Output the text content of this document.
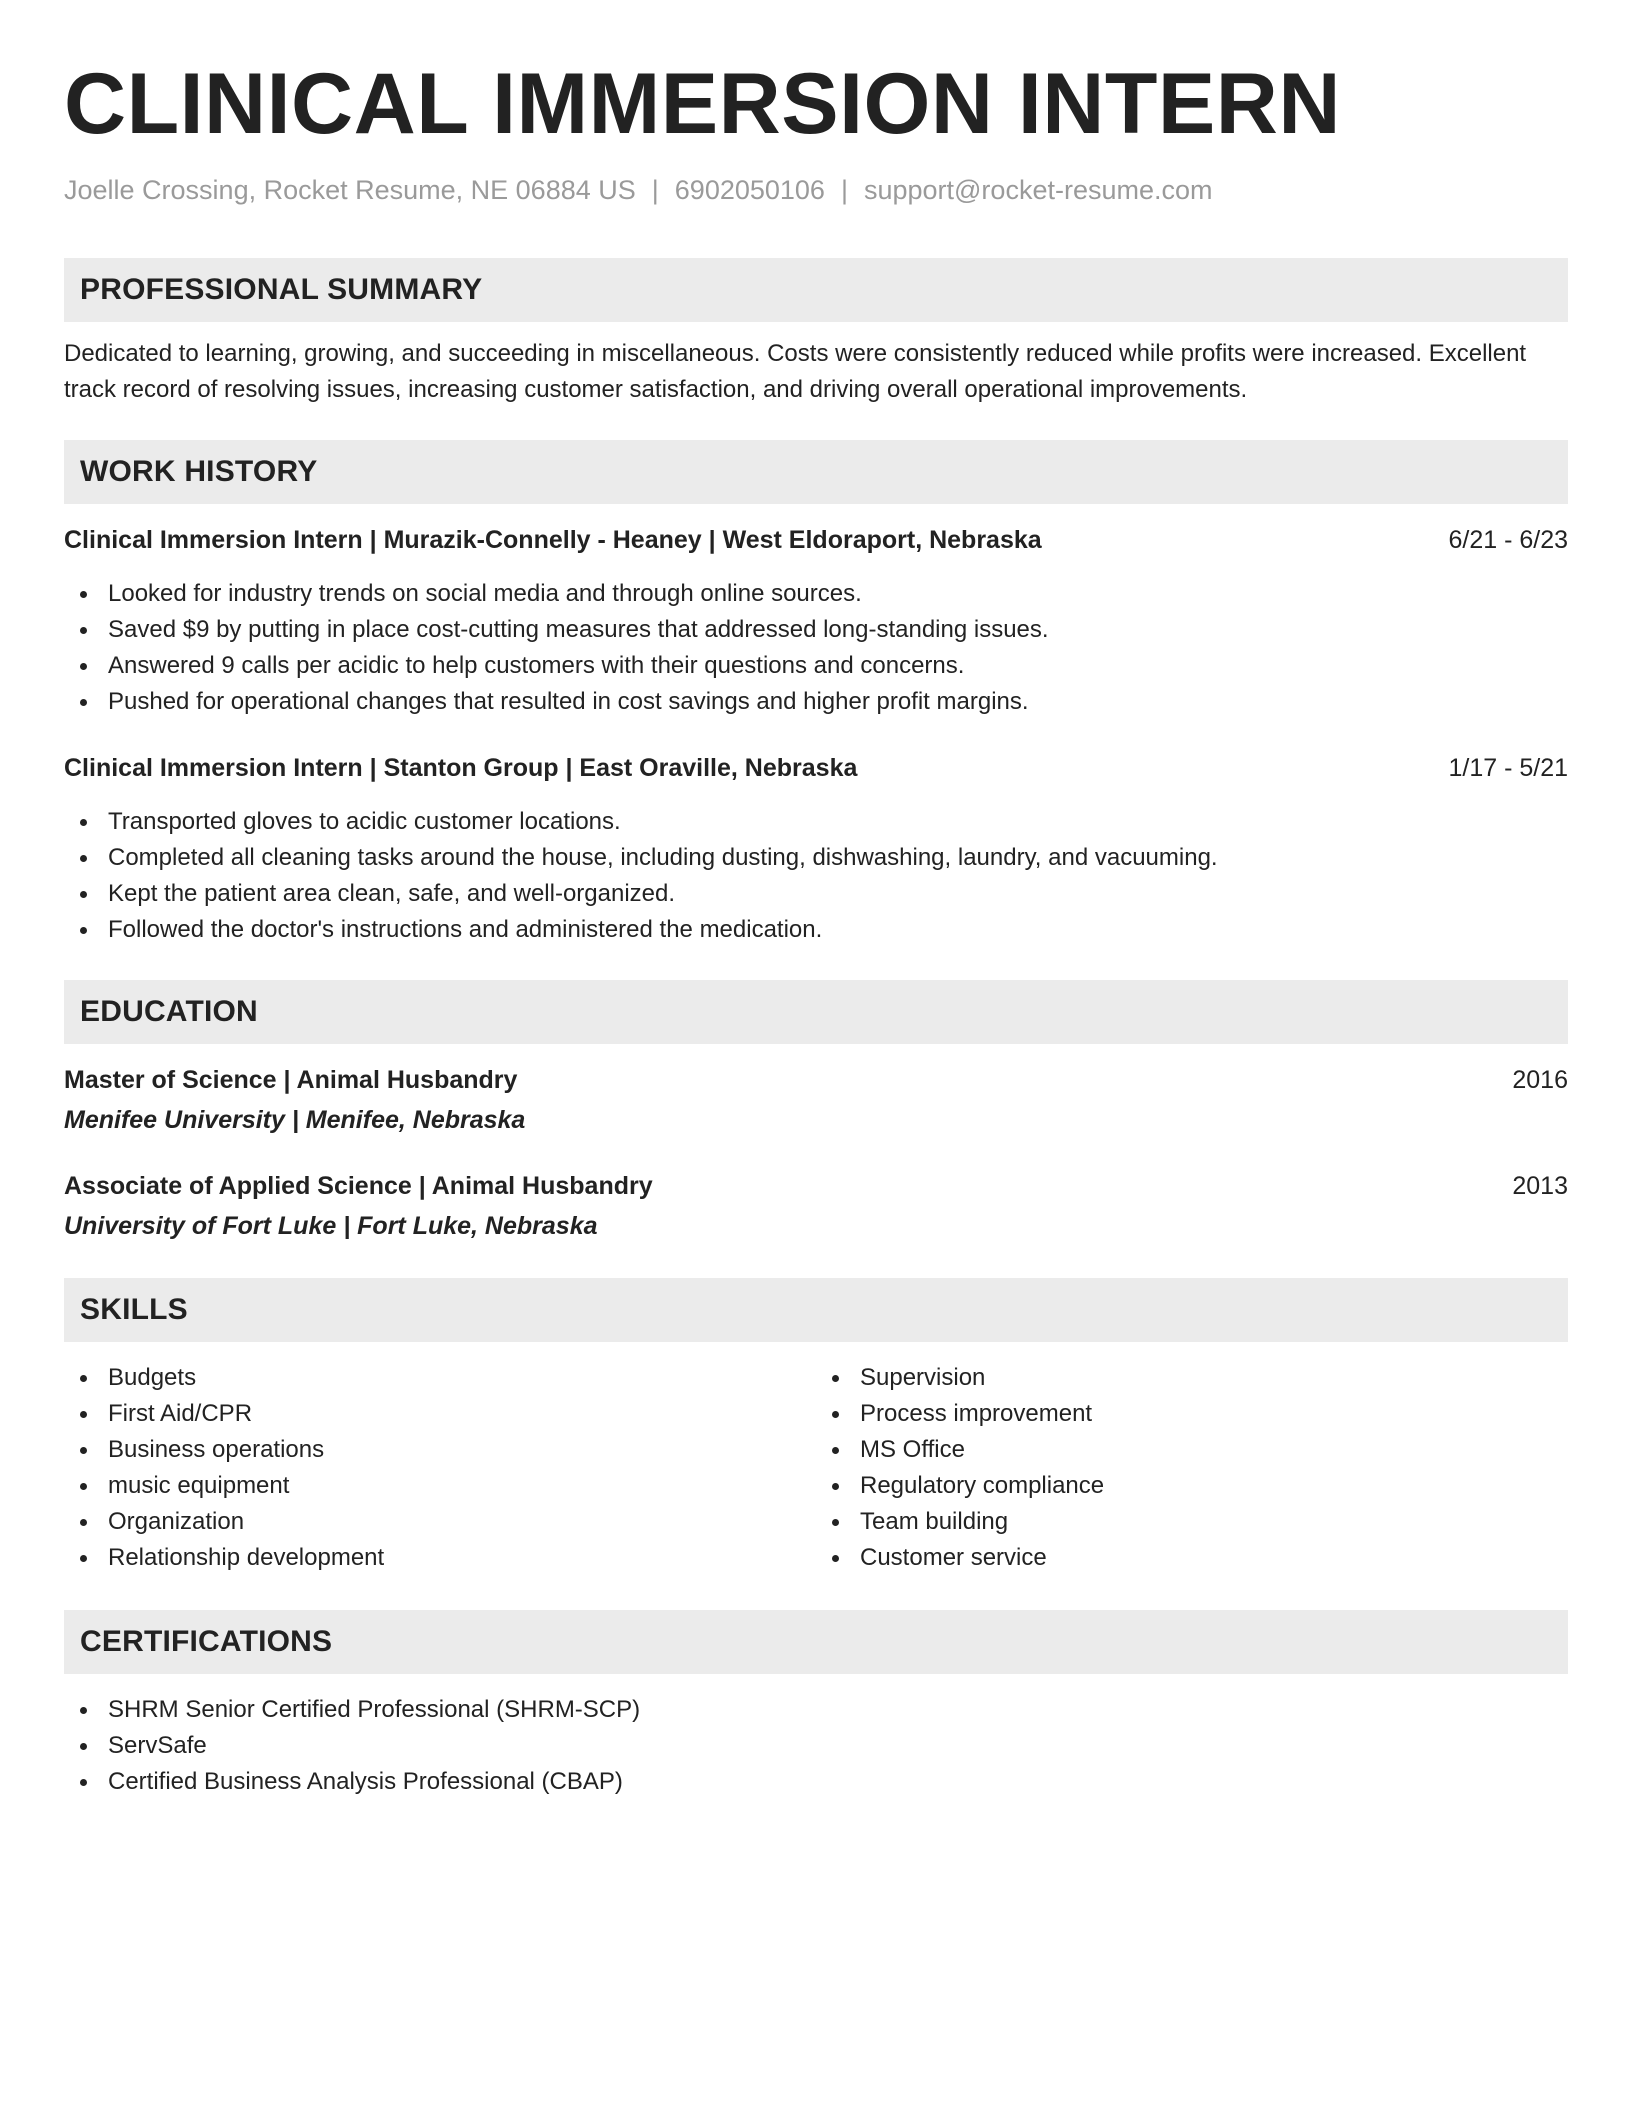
CLINICAL IMMERSION INTERN
Joelle Crossing, Rocket Resume, NE 06884 US | 6902050106 | support@rocket-resume.com
PROFESSIONAL SUMMARY
Dedicated to learning, growing, and succeeding in miscellaneous. Costs were consistently reduced while profits were increased. Excellent track record of resolving issues, increasing customer satisfaction, and driving overall operational improvements.
WORK HISTORY
Clinical Immersion Intern | Murazik-Connelly - Heaney | West Eldoraport, Nebraska	6/21 - 6/23
Looked for industry trends on social media and through online sources.
Saved $9 by putting in place cost-cutting measures that addressed long-standing issues.
Answered 9 calls per acidic to help customers with their questions and concerns.
Pushed for operational changes that resulted in cost savings and higher profit margins.
Clinical Immersion Intern | Stanton Group | East Oraville, Nebraska	1/17 - 5/21
Transported gloves to acidic customer locations.
Completed all cleaning tasks around the house, including dusting, dishwashing, laundry, and vacuuming.
Kept the patient area clean, safe, and well-organized.
Followed the doctor's instructions and administered the medication.
EDUCATION
Master of Science | Animal Husbandry	2016
Menifee University | Menifee, Nebraska
Associate of Applied Science | Animal Husbandry	2013
University of Fort Luke | Fort Luke, Nebraska
SKILLS
Budgets
First Aid/CPR
Business operations
music equipment
Organization
Relationship development
Supervision
Process improvement
MS Office
Regulatory compliance
Team building
Customer service
CERTIFICATIONS
SHRM Senior Certified Professional (SHRM-SCP)
ServSafe
Certified Business Analysis Professional (CBAP)
